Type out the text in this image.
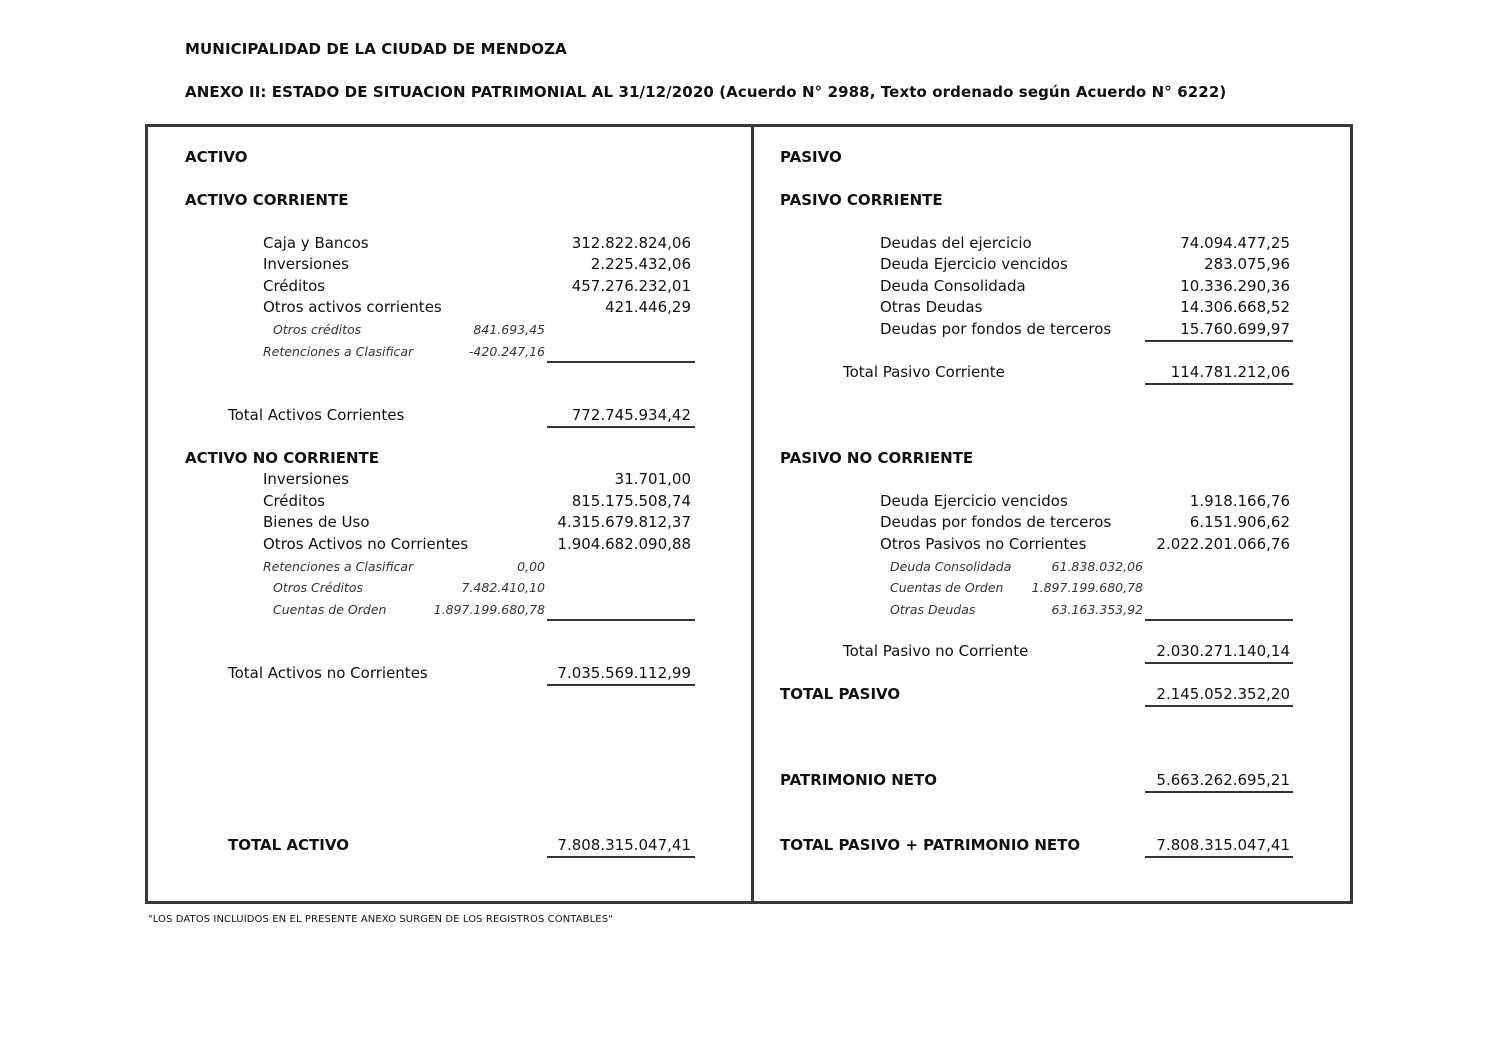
MUNICIPALIDAD DE LA CIUDAD DE MENDOZA
ANEXO II: ESTADO DE SITUACION PATRIMONIAL AL 31/12/2020 (Acuerdo N° 2988, Texto ordenado según Acuerdo N° 6222)
ACTIVO
ACTIVO CORRIENTE
Caja y Bancos	312.822.824,06
Inversiones	2.225.432,06
Créditos	457.276.232,01
Otros activos corrientes	421.446,29
Otros créditos	841.693,45
Retenciones a Clasificar	-420.247,16
Total Activos Corrientes	772.745.934,42
ACTIVO NO CORRIENTE
Inversiones	31.701,00
Créditos	815.175.508,74
Bienes de Uso	4.315.679.812,37
Otros Activos no Corrientes	1.904.682.090,88
Retenciones a Clasificar	0,00
Otros Créditos	7.482.410,10
Cuentas de Orden	1.897.199.680,78
Total Activos no Corrientes	7.035.569.112,99
TOTAL ACTIVO	7.808.315.047,41
PASIVO
PASIVO CORRIENTE
Deudas del ejercicio	74.094.477,25
Deuda Ejercicio vencidos	283.075,96
Deuda Consolidada	10.336.290,36
Otras Deudas	14.306.668,52
Deudas por fondos de terceros	15.760.699,97
Total Pasivo Corriente	114.781.212,06
PASIVO NO CORRIENTE
Deuda Ejercicio vencidos	1.918.166,76
Deudas por fondos de terceros	6.151.906,62
Otros Pasivos no Corrientes	2.022.201.066,76
Deuda Consolidada	61.838.032,06
Cuentas de Orden	1.897.199.680,78
Otras Deudas	63.163.353,92
Total Pasivo no Corriente	2.030.271.140,14
TOTAL PASIVO	2.145.052.352,20
PATRIMONIO NETO	5.663.262.695,21
TOTAL PASIVO + PATRIMONIO NETO	7.808.315.047,41
"LOS DATOS INCLUIDOS EN EL PRESENTE ANEXO SURGEN DE LOS REGISTROS CONTABLES"
